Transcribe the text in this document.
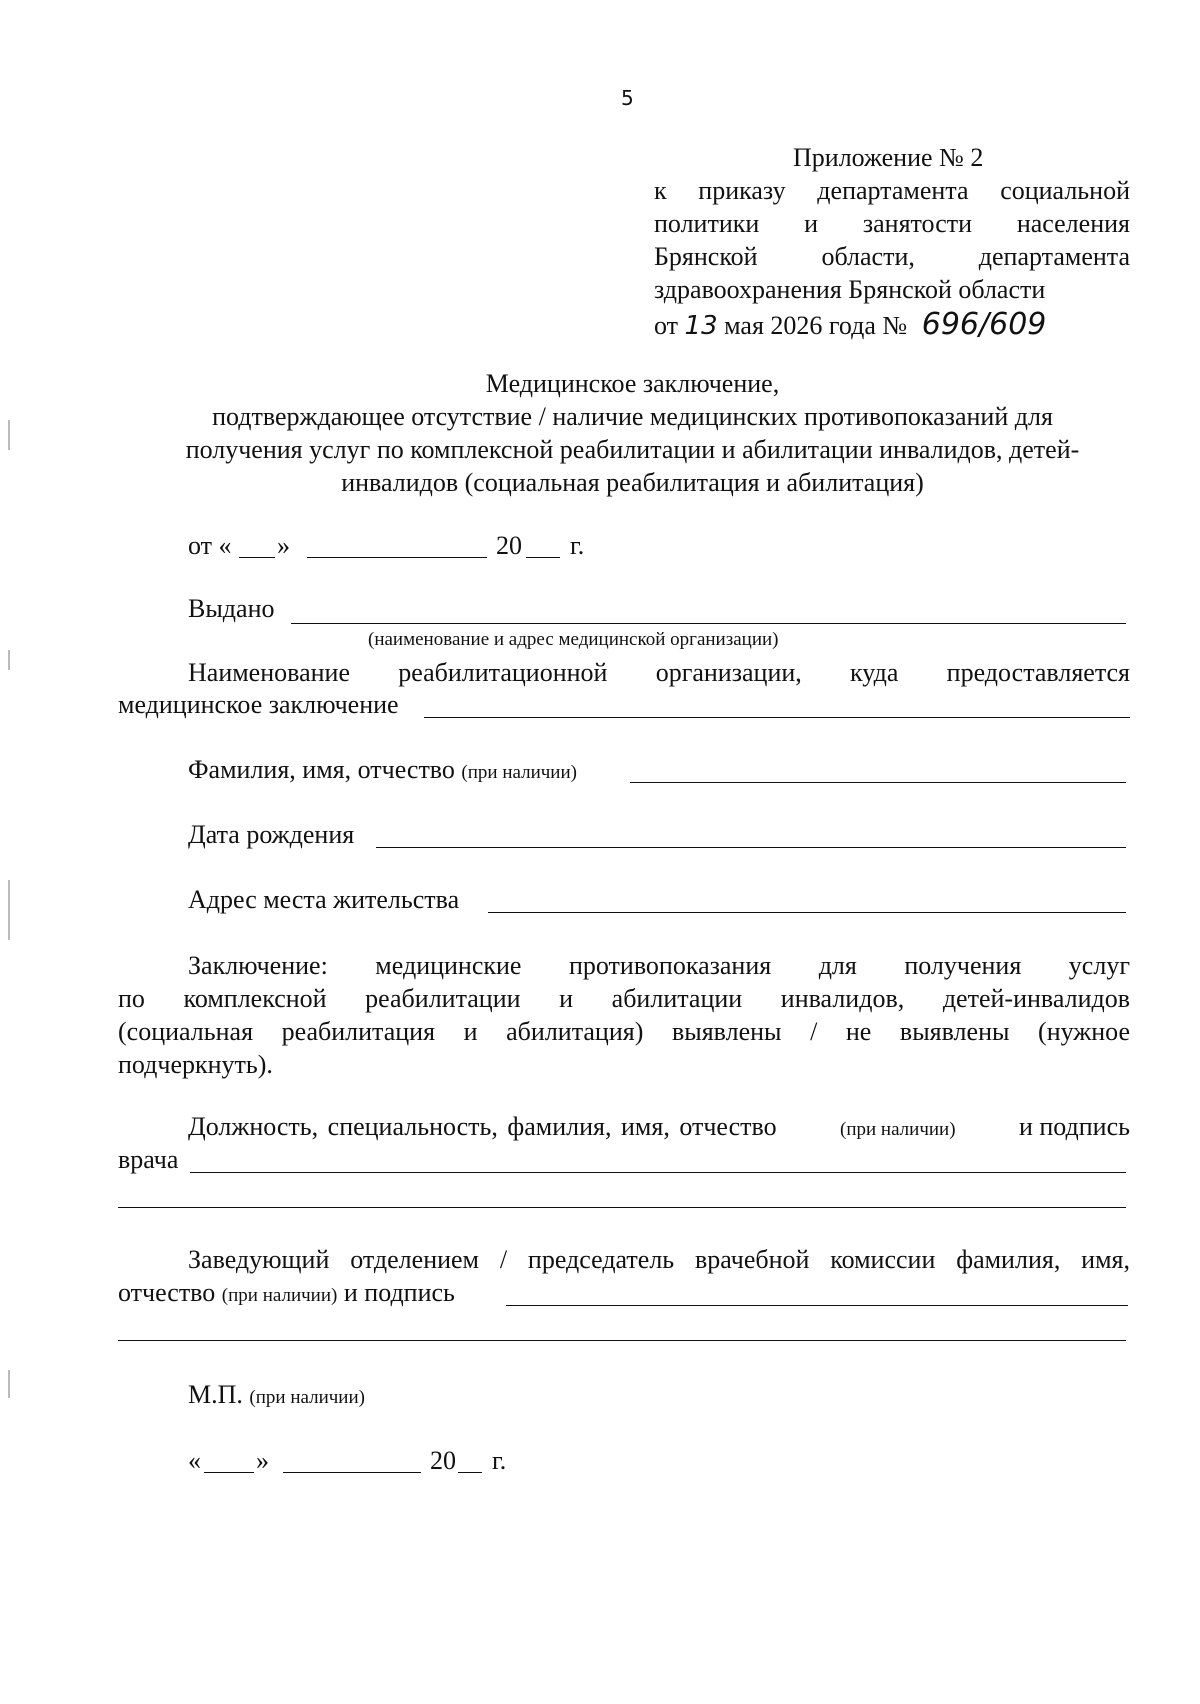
5
Приложение № 2
к приказу департамента социальной
политики и занятости населения
Брянской области, департамента
здравоохранения Брянской области
от 13 мая 2026 года № 696/609
Медицинское заключение,
подтверждающее отсутствие / наличие медицинских противопоказаний для
получения услуг по комплексной реабилитации и абилитации инвалидов, детей-
инвалидов (социальная реабилитация и абилитация)
от « »	20 г.
Выдано
(наименование и адрес медицинской организации)
Наименование реабилитационной организации, куда предоставляется
медицинское заключение
Фамилия, имя, отчество (при наличии)
Дата рождения
Адрес места жительства
Заключение: медицинские противопоказания для получения услуг
по комплексной реабилитации и абилитации инвалидов, детей-инвалидов
(социальная реабилитация и абилитация) выявлены / не выявлены (нужное
подчеркнуть).
Должность, специальность, фамилия, имя, отчество	(при наличии) и подпись
врача
Заведующий отделением / председатель врачебной комиссии фамилия, имя,
отчество (при наличии) и подпись
М.П. (при наличии)
« »	20 г.
